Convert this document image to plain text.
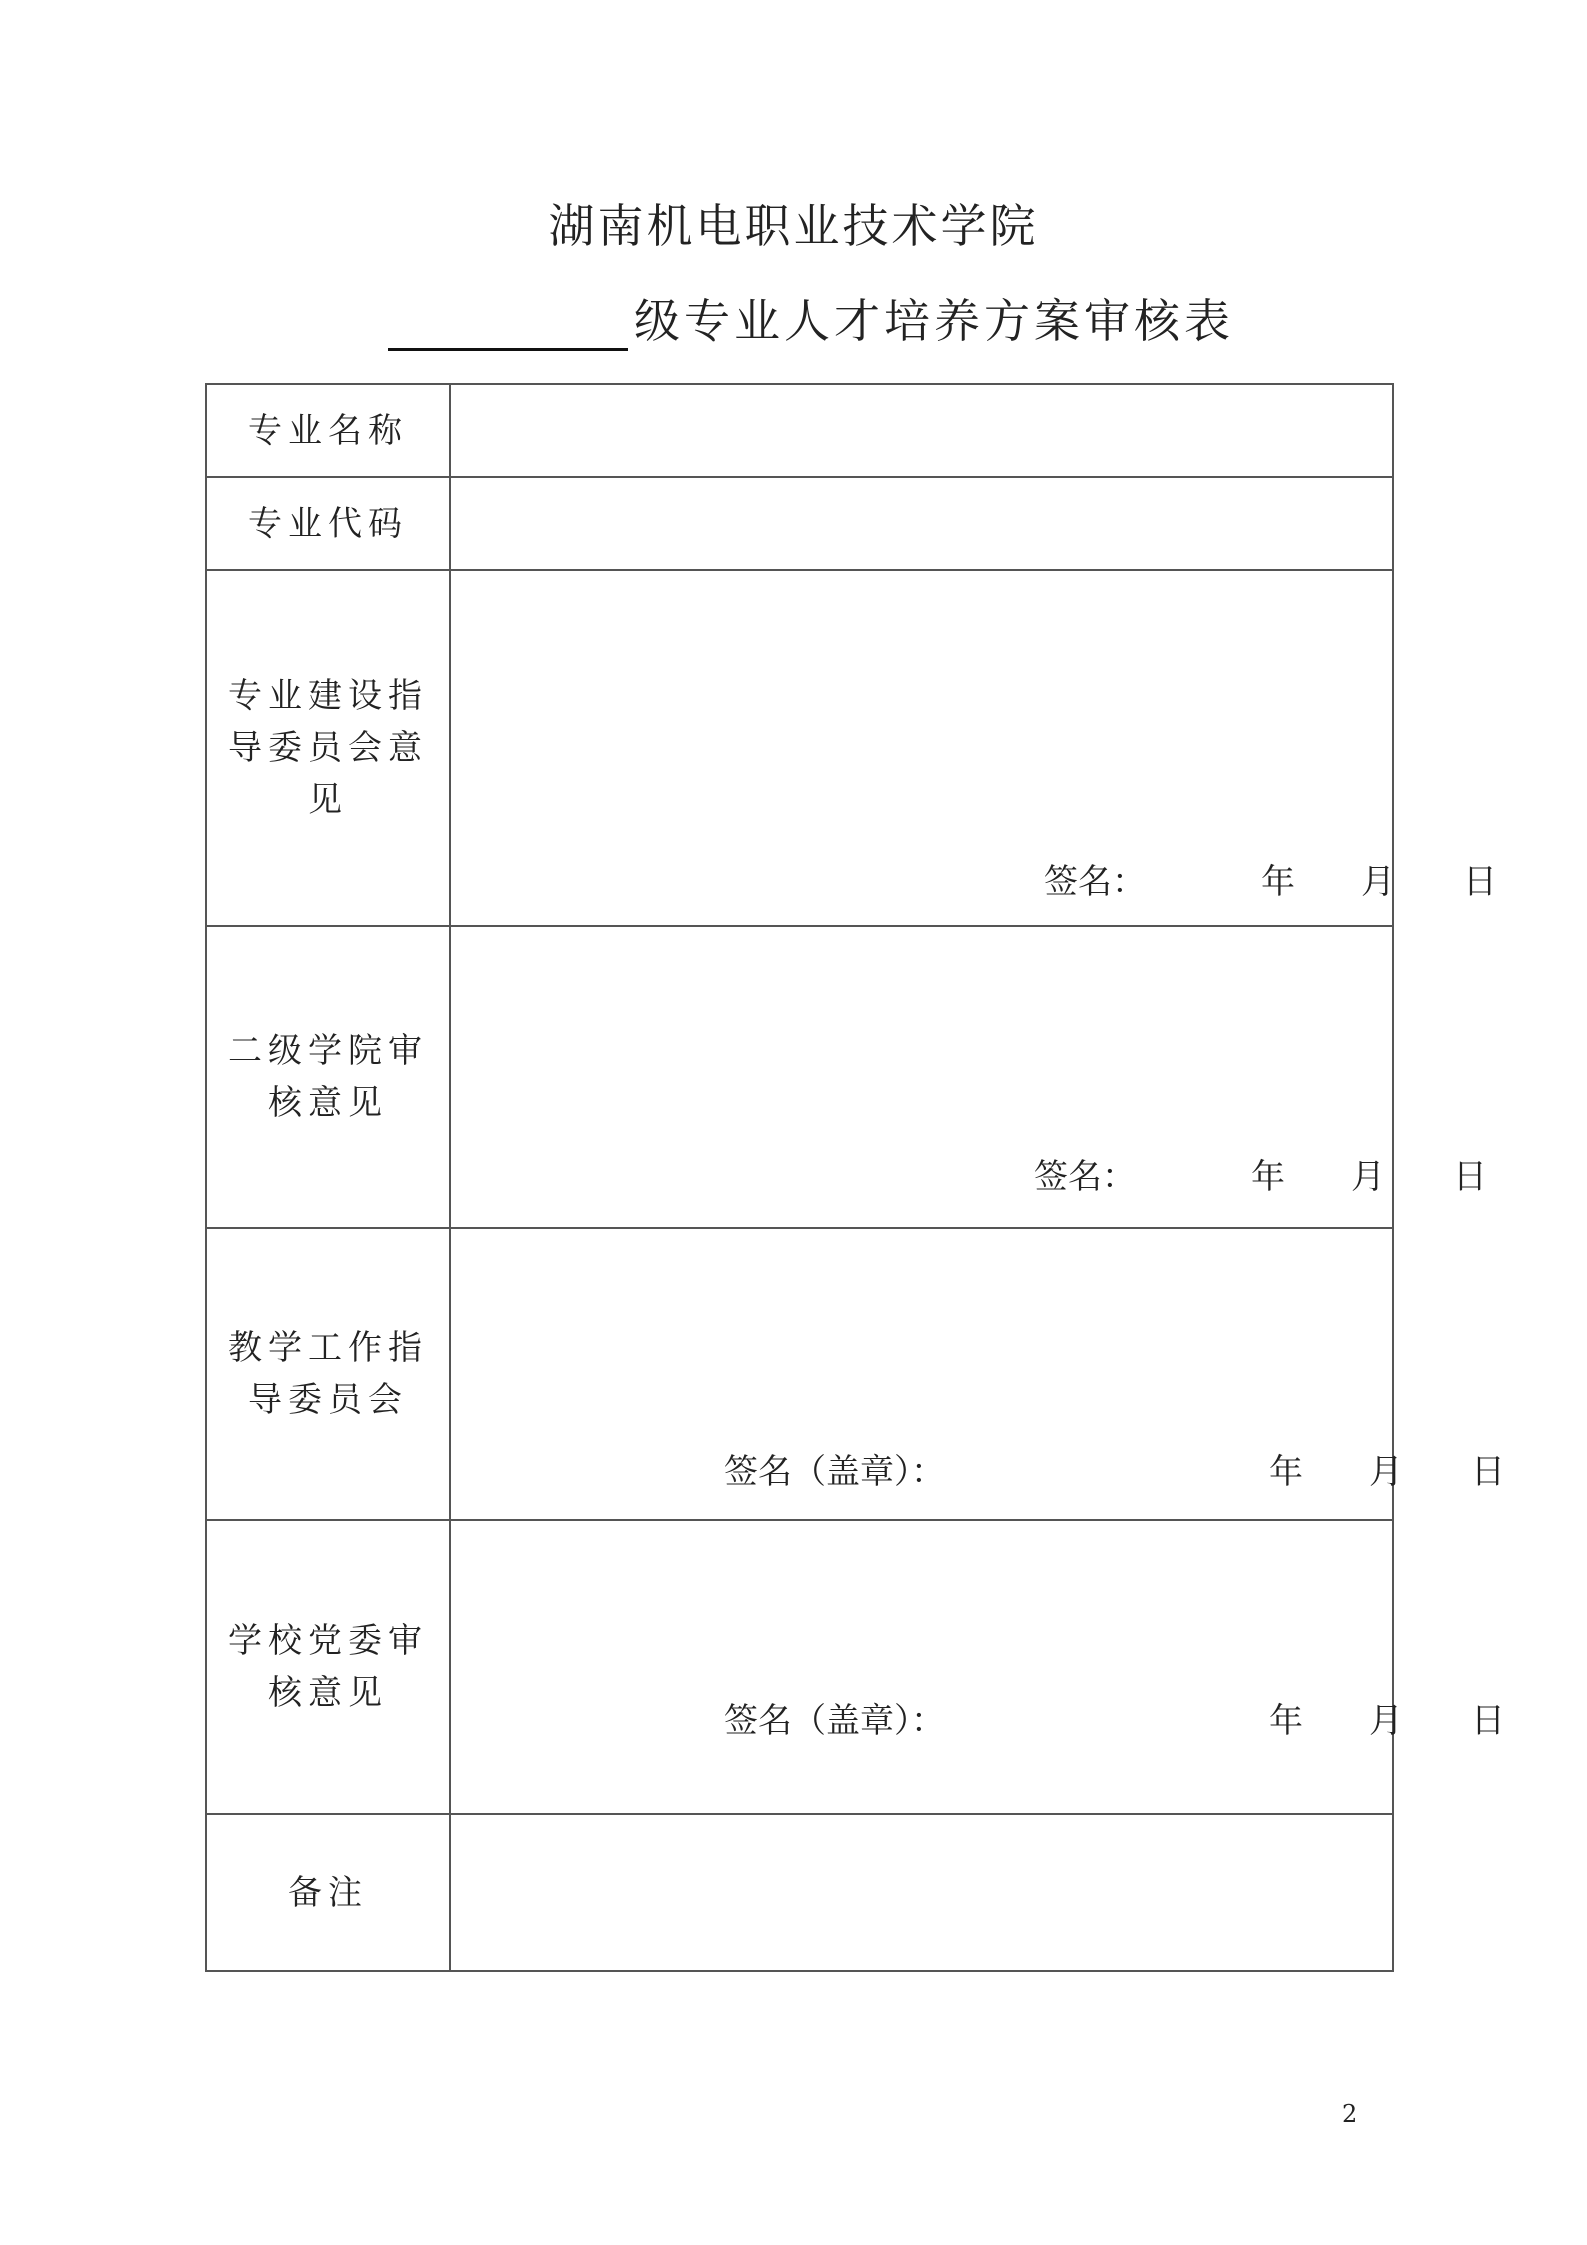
湖南机电职业技术学院
级专业人才培养方案审核表
专业名称	

专业代码	

专业建设指导委员会意见	签名： 年 月 日

二级学院审核意见	签名： 年 月 日

教学工作指导委员会	签名（盖章）： 年 月 日

学校党委审核意见	签名（盖章）： 年 月 日

备注	

2
